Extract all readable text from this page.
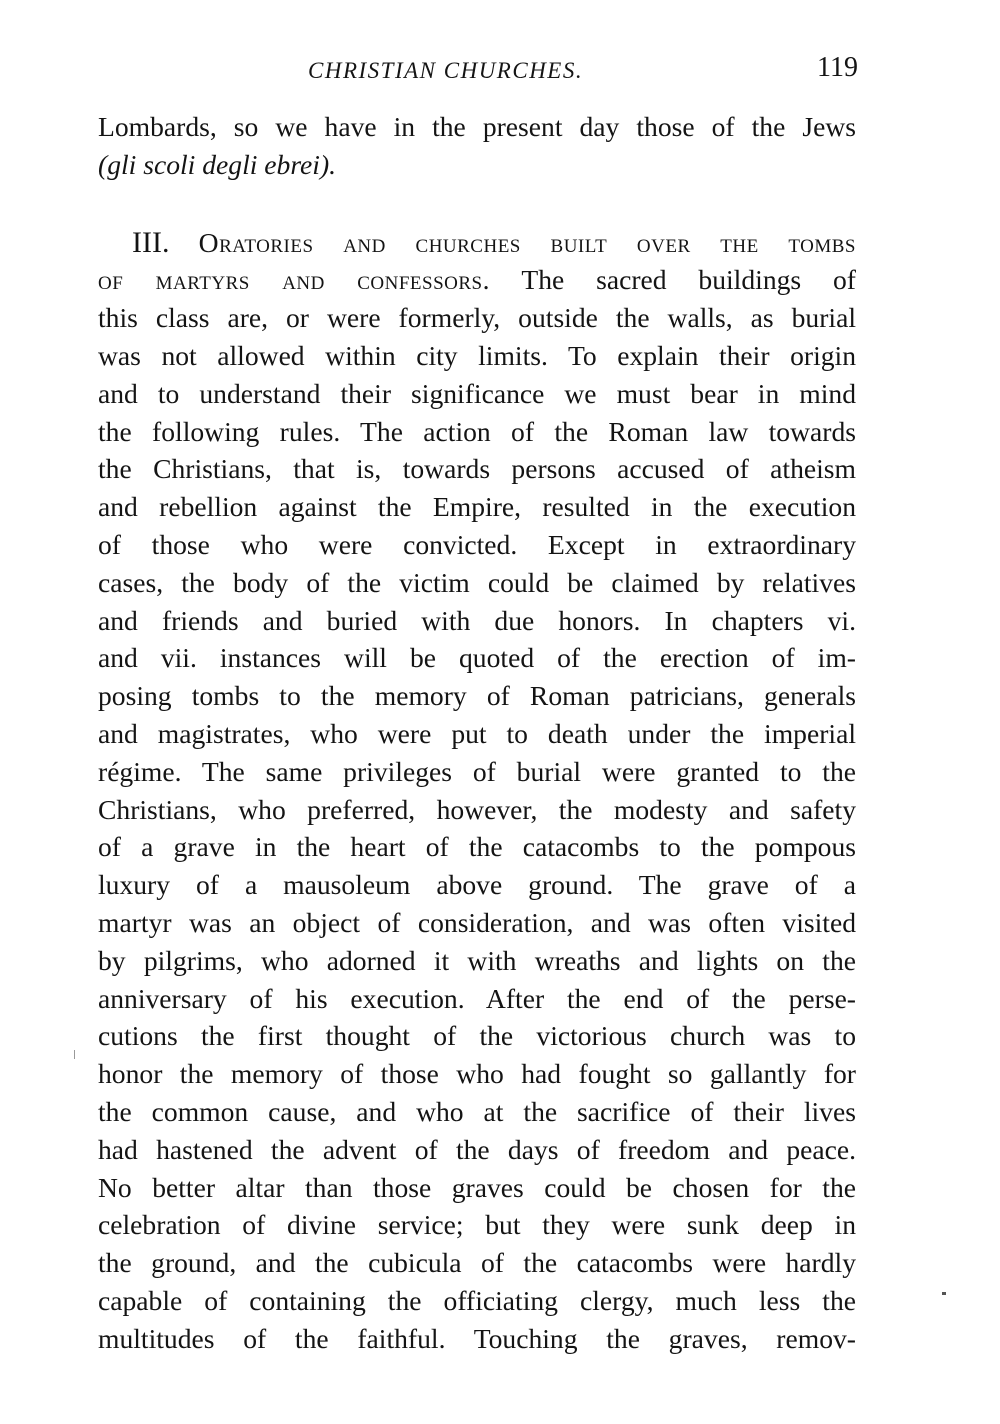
CHRISTIAN CHURCHES.	119
Lombards, so we have in the present day those of the Jews
(gli scoli degli ebrei).
III. Oratories and churches built over the tombs
of martyrs and confessors. The sacred buildings of
this class are, or were formerly, outside the walls, as burial
was not allowed within city limits. To explain their origin
and to understand their significance we must bear in mind
the following rules. The action of the Roman law towards
the Christians, that is, towards persons accused of atheism
and rebellion against the Empire, resulted in the execution
of those who were convicted. Except in extraordinary
cases, the body of the victim could be claimed by relatives
and friends and buried with due honors. In chapters vi.
and vii. instances will be quoted of the erection of im-
posing tombs to the memory of Roman patricians, generals
and magistrates, who were put to death under the imperial
régime. The same privileges of burial were granted to the
Christians, who preferred, however, the modesty and safety
of a grave in the heart of the catacombs to the pompous
luxury of a mausoleum above ground. The grave of a
martyr was an object of consideration, and was often visited
by pilgrims, who adorned it with wreaths and lights on the
anniversary of his execution. After the end of the perse-
cutions the first thought of the victorious church was to
honor the memory of those who had fought so gallantly for
the common cause, and who at the sacrifice of their lives
had hastened the advent of the days of freedom and peace.
No better altar than those graves could be chosen for the
celebration of divine service; but they were sunk deep in
the ground, and the cubicula of the catacombs were hardly
capable of containing the officiating clergy, much less the
multitudes of the faithful. Touching the graves, remov-
